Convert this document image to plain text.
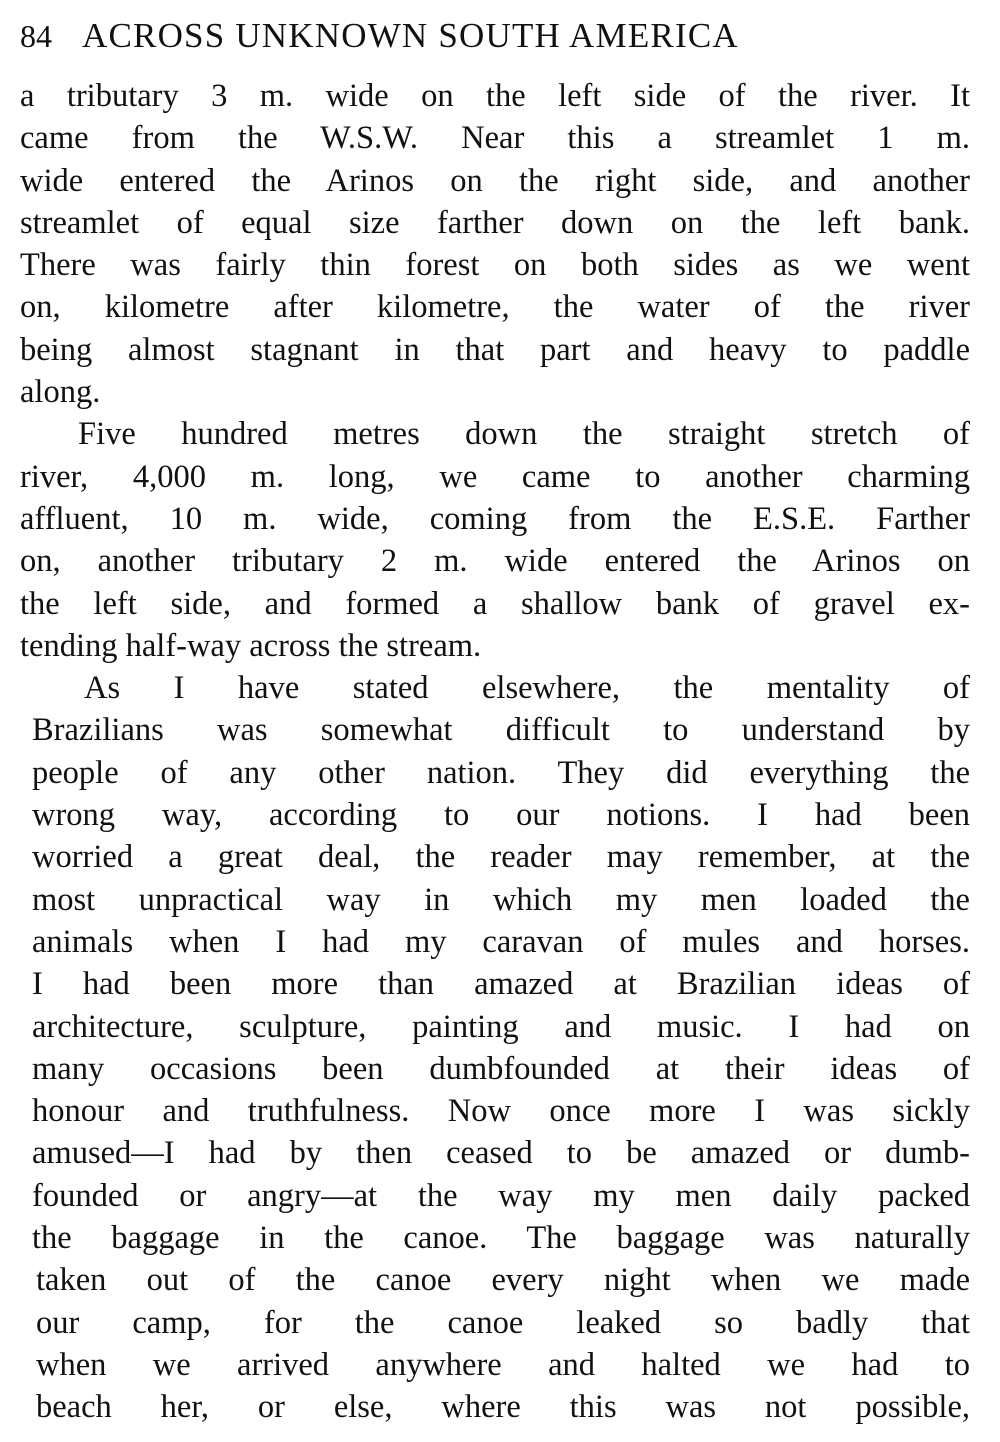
84 ACROSS UNKNOWN SOUTH AMERICA
a tributary 3 m. wide on the left side of the river. It
came from the W.S.W. Near this a streamlet 1 m.
wide entered the Arinos on the right side, and another
streamlet of equal size farther down on the left bank.
There was fairly thin forest on both sides as we went
on, kilometre after kilometre, the water of the river
being almost stagnant in that part and heavy to paddle
along.
Five hundred metres down the straight stretch of
river, 4,000 m. long, we came to another charming
affluent, 10 m. wide, coming from the E.S.E. Farther
on, another tributary 2 m. wide entered the Arinos on
the left side, and formed a shallow bank of gravel ex-
tending half-way across the stream.
As I have stated elsewhere, the mentality of
Brazilians was somewhat difficult to understand by
people of any other nation. They did everything the
wrong way, according to our notions. I had been
worried a great deal, the reader may remember, at the
most unpractical way in which my men loaded the
animals when I had my caravan of mules and horses.
I had been more than amazed at Brazilian ideas of
architecture, sculpture, painting and music. I had on
many occasions been dumbfounded at their ideas of
honour and truthfulness. Now once more I was sickly
amused—I had by then ceased to be amazed or dumb-
founded or angry—at the way my men daily packed
the baggage in the canoe. The baggage was naturally
taken out of the canoe every night when we made
our camp, for the canoe leaked so badly that
when we arrived anywhere and halted we had to
beach her, or else, where this was not possible,
